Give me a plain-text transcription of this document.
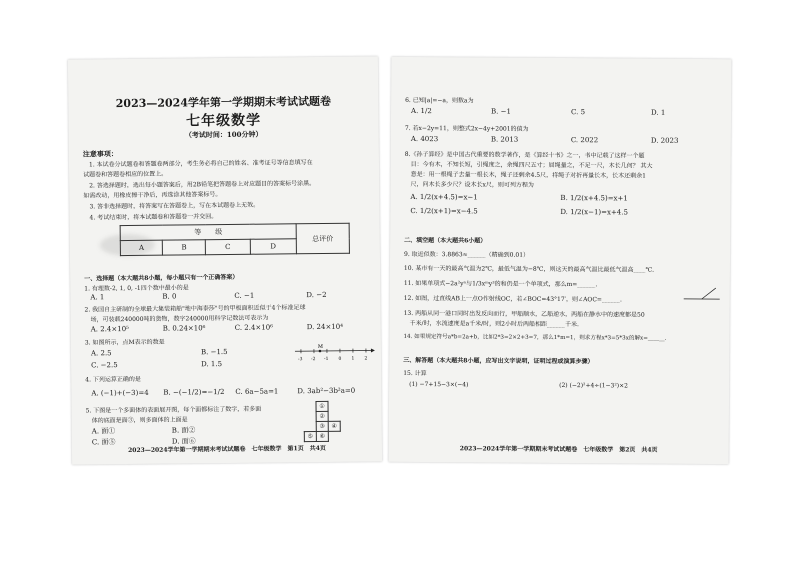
2023—2024学年第一学期期末考试试题卷
七年级数学
（考试时间：100分钟）
注意事项：
1. 本试卷分试题卷和答题卷两部分，考生务必将自己的姓名、准考证号等信息填写在
试题卷和答题卷相应的位置上。
2. 答选择题时，选出每小题答案后，用2B铅笔把答题卷上对应题目的答案标号涂黑。
如需改动，用橡皮擦干净后，再选涂其他答案标号。
3. 答非选择题时，将答案写在答题卷上，写在本试题卷上无效。
4. 考试结束时，将本试题卷和答题卷一并交回。
等　　级				总评价
A	B	C	D	
一、选择题（本大题共8小题，每小题只有一个正确答案）
1. 有理数-2, 1, 0, -1四个数中最小的是
A. 1	B. 0	C. −1	D. −2
2. 我国自主研制的全球最大集装箱船"地中海泰莎"号的甲板面积近似于4个标准足球
场，可装载240000吨的货物，数字240000用科学记数法可表示为
A. 2.4×10⁵	B. 0.24×10⁶	C. 2.4×10⁶	D. 24×10⁴
3. 如图所示，点M表示的数是
A. 2.5	B. −1.5
C. −2.5	D. 1.5
M
-3 -2 -1 0 1 2
4. 下列运算正确的是
A. (−1)+(−3)=4 B. −(−1/2)=−1/2 C. 6a−5a=1	D. 3ab²−3b²a=0
5. 下图是一个多面体的表面展开图，每个面都标注了数字，若多面
体的底面是面③，则多面体的上面是
A. 面①	B. 面②
C. 面⑤	D. 面⑥
	①	
	②	
	③	④
⑤	⑥	
2023—2024学年第一学期期末考试试题卷　七年级数学　第1页　共4页
6. 已知|a|=−a，则数a为
A. 1/2	B. −1	C. 5	D. 1
7. 若x−2y=11，则整式2x−4y+2001的值为
A. 4023	B. 2013	C. 2022	D. 2023
8.《孙子算经》是中国古代重要的数学著作，是《算经十书》之一，书中记载了这样一个题
目：今有木，不知长短，引绳度之，余绳四尺五寸；屈绳量之，不足一尺，木长几何？ 其大
意是：用一根绳子去量一根长木，绳子还剩余4.5尺，将绳子对折再量长木，长木还剩余1
尺，问木长多少尺？设木长x尺，则可列方程为
A. 1/2(x+4.5)=x−1	B. 1/2(x+4.5)=x+1
C. 1/2(x+1)=x−4.5	D. 1/2(x−1)=x+4.5
二、填空题（本大题共6小题）
9. 取近似数：3.8863≈______（精确到0.01）
10. 某市有一天的最高气温为2℃，最低气温为−8℃，则这天的最高气温比最低气温高____℃.
11. 如果单项式−2a²yⁿ与1/3xᵐy³的和仍是一个单项式，那么m=______.
12. 如图，过直线AB上一点O作射线OC，若∠BOC=43°17′，则∠AOC=______.
13. 两船从同一港口同时出发反向而行，甲船顺水，乙船逆水，两船在静水中的速度都是50
千米/时，水流速度是a千米/时，则2小时后两船相距______千米.
14. 如果规定符号a*b=2a+b，比如2*3=2×2+3=7，那么1*m=1，则求方程x*3=5*3x的解x=______.
三、解答题（本大题共8小题，应写出文字说明，证明过程或演算步骤）
15. 计算
(1) −7+15−3×(−4)	(2) (−2)²+4÷(1−3²)×2
2023—2024学年第一学期期末考试试题卷　七年级数学　第2页　共4页
